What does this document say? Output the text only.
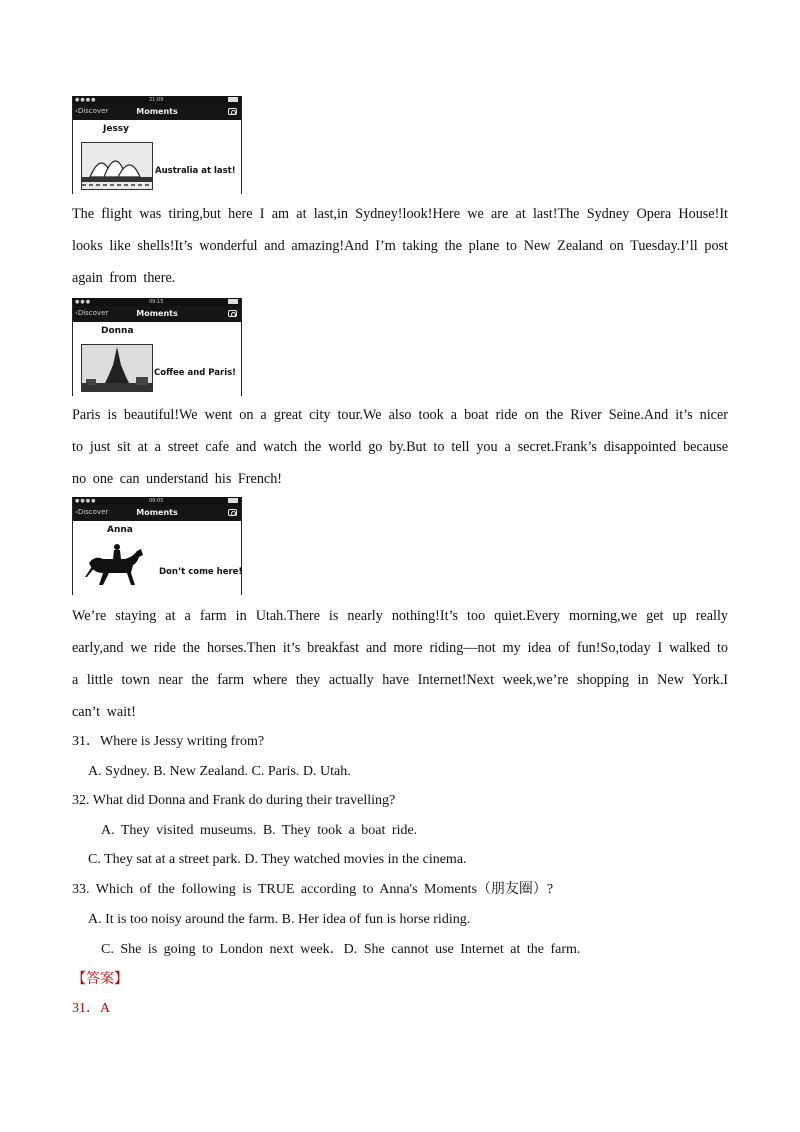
●●●●	21:09
‹Discover	Moments
Jessy
Australia at last!
The flight was tiring,but here I am at last,in Sydney!look!Here we are at last!The Sydney Opera House!It looks like shells!It’s wonderful and amazing!And I’m taking the plane to New Zealand on Tuesday.I’ll post again from there.
●●●	09:15
‹Discover	Moments
Donna
Coffee and Paris!
Paris is beautiful!We went on a great city tour.We also took a boat ride on the River Seine.And it’s nicer to just sit at a street cafe and watch the world go by.But to tell you a secret.Frank’s disappointed because no one can understand his French!
●●●●	09:05
‹Discover	Moments
Anna
Don’t come here!
We’re staying at a farm in Utah.There is nearly nothing!It’s too quiet.Every morning,we get up really early,and we ride the horses.Then it’s breakfast and more riding—not my idea of fun!So,today I walked to a little town near the farm where they actually have Internet!Next week,we’re shopping in New York.I can’t wait!
31．Where is Jessy writing from?
A. Sydney. B. New Zealand. C. Paris. D. Utah.
32. What did Donna and Frank do during their travelling?
A. They visited museums. B. They took a boat ride.
C. They sat at a street park. D. They watched movies in the cinema.
33. Which of the following is TRUE according to Anna's Moments（朋友圈）?
A. It is too noisy around the farm. B. Her idea of fun is horse riding.
C. She is going to London next week．D. She cannot use Internet at the farm.
【答案】
31．A
